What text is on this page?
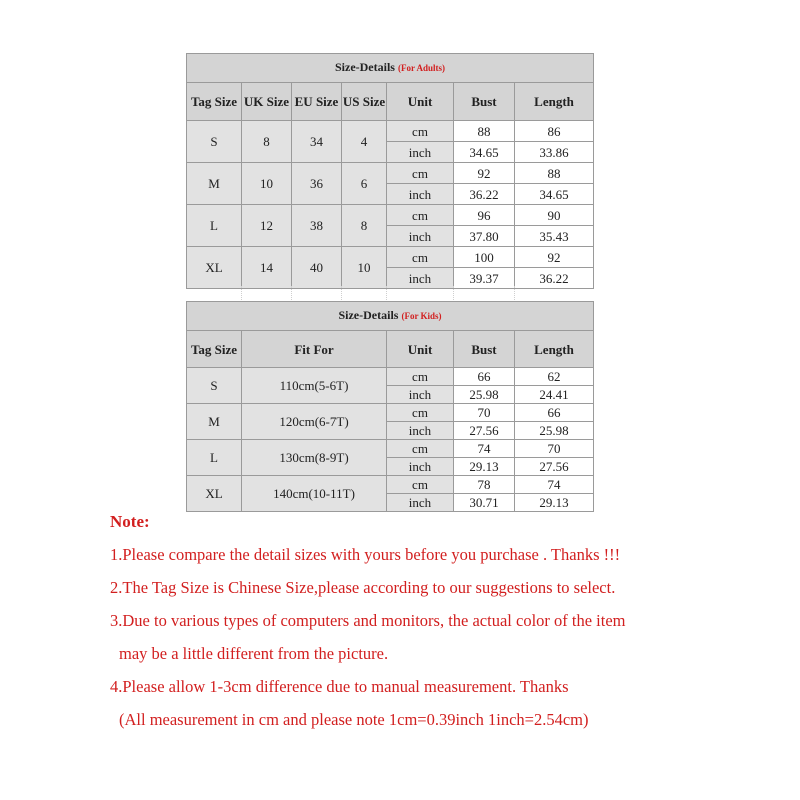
Size-Details (For Adults)						
Tag Size	UK Size	EU Size	US Size	Unit	Bust	Length
S	8	34	4	cm	88	86
				inch	34.65	33.86
M	10	36	6	cm	92	88
				inch	36.22	34.65
L	12	38	8	cm	96	90
				inch	37.80	35.43
XL	14	40	10	cm	100	92
				inch	39.37	36.22
Size-Details (For Kids)				
Tag Size	Fit For	Unit	Bust	Length
S	110cm(5-6T)	cm	66	62
		inch	25.98	24.41
M	120cm(6-7T)	cm	70	66
		inch	27.56	25.98
L	130cm(8-9T)	cm	74	70
		inch	29.13	27.56
XL	140cm(10-11T)	cm	78	74
		inch	30.71	29.13
Note:
1.Please compare the detail sizes with yours before you purchase . Thanks !!!
2.The Tag Size is Chinese Size,please according to our suggestions to select.
3.Due to various types of computers and monitors, the actual color of the item
may be a little different from the picture.
4.Please allow 1-3cm difference due to manual measurement. Thanks
(All measurement in cm and please note 1cm=0.39inch 1inch=2.54cm)
